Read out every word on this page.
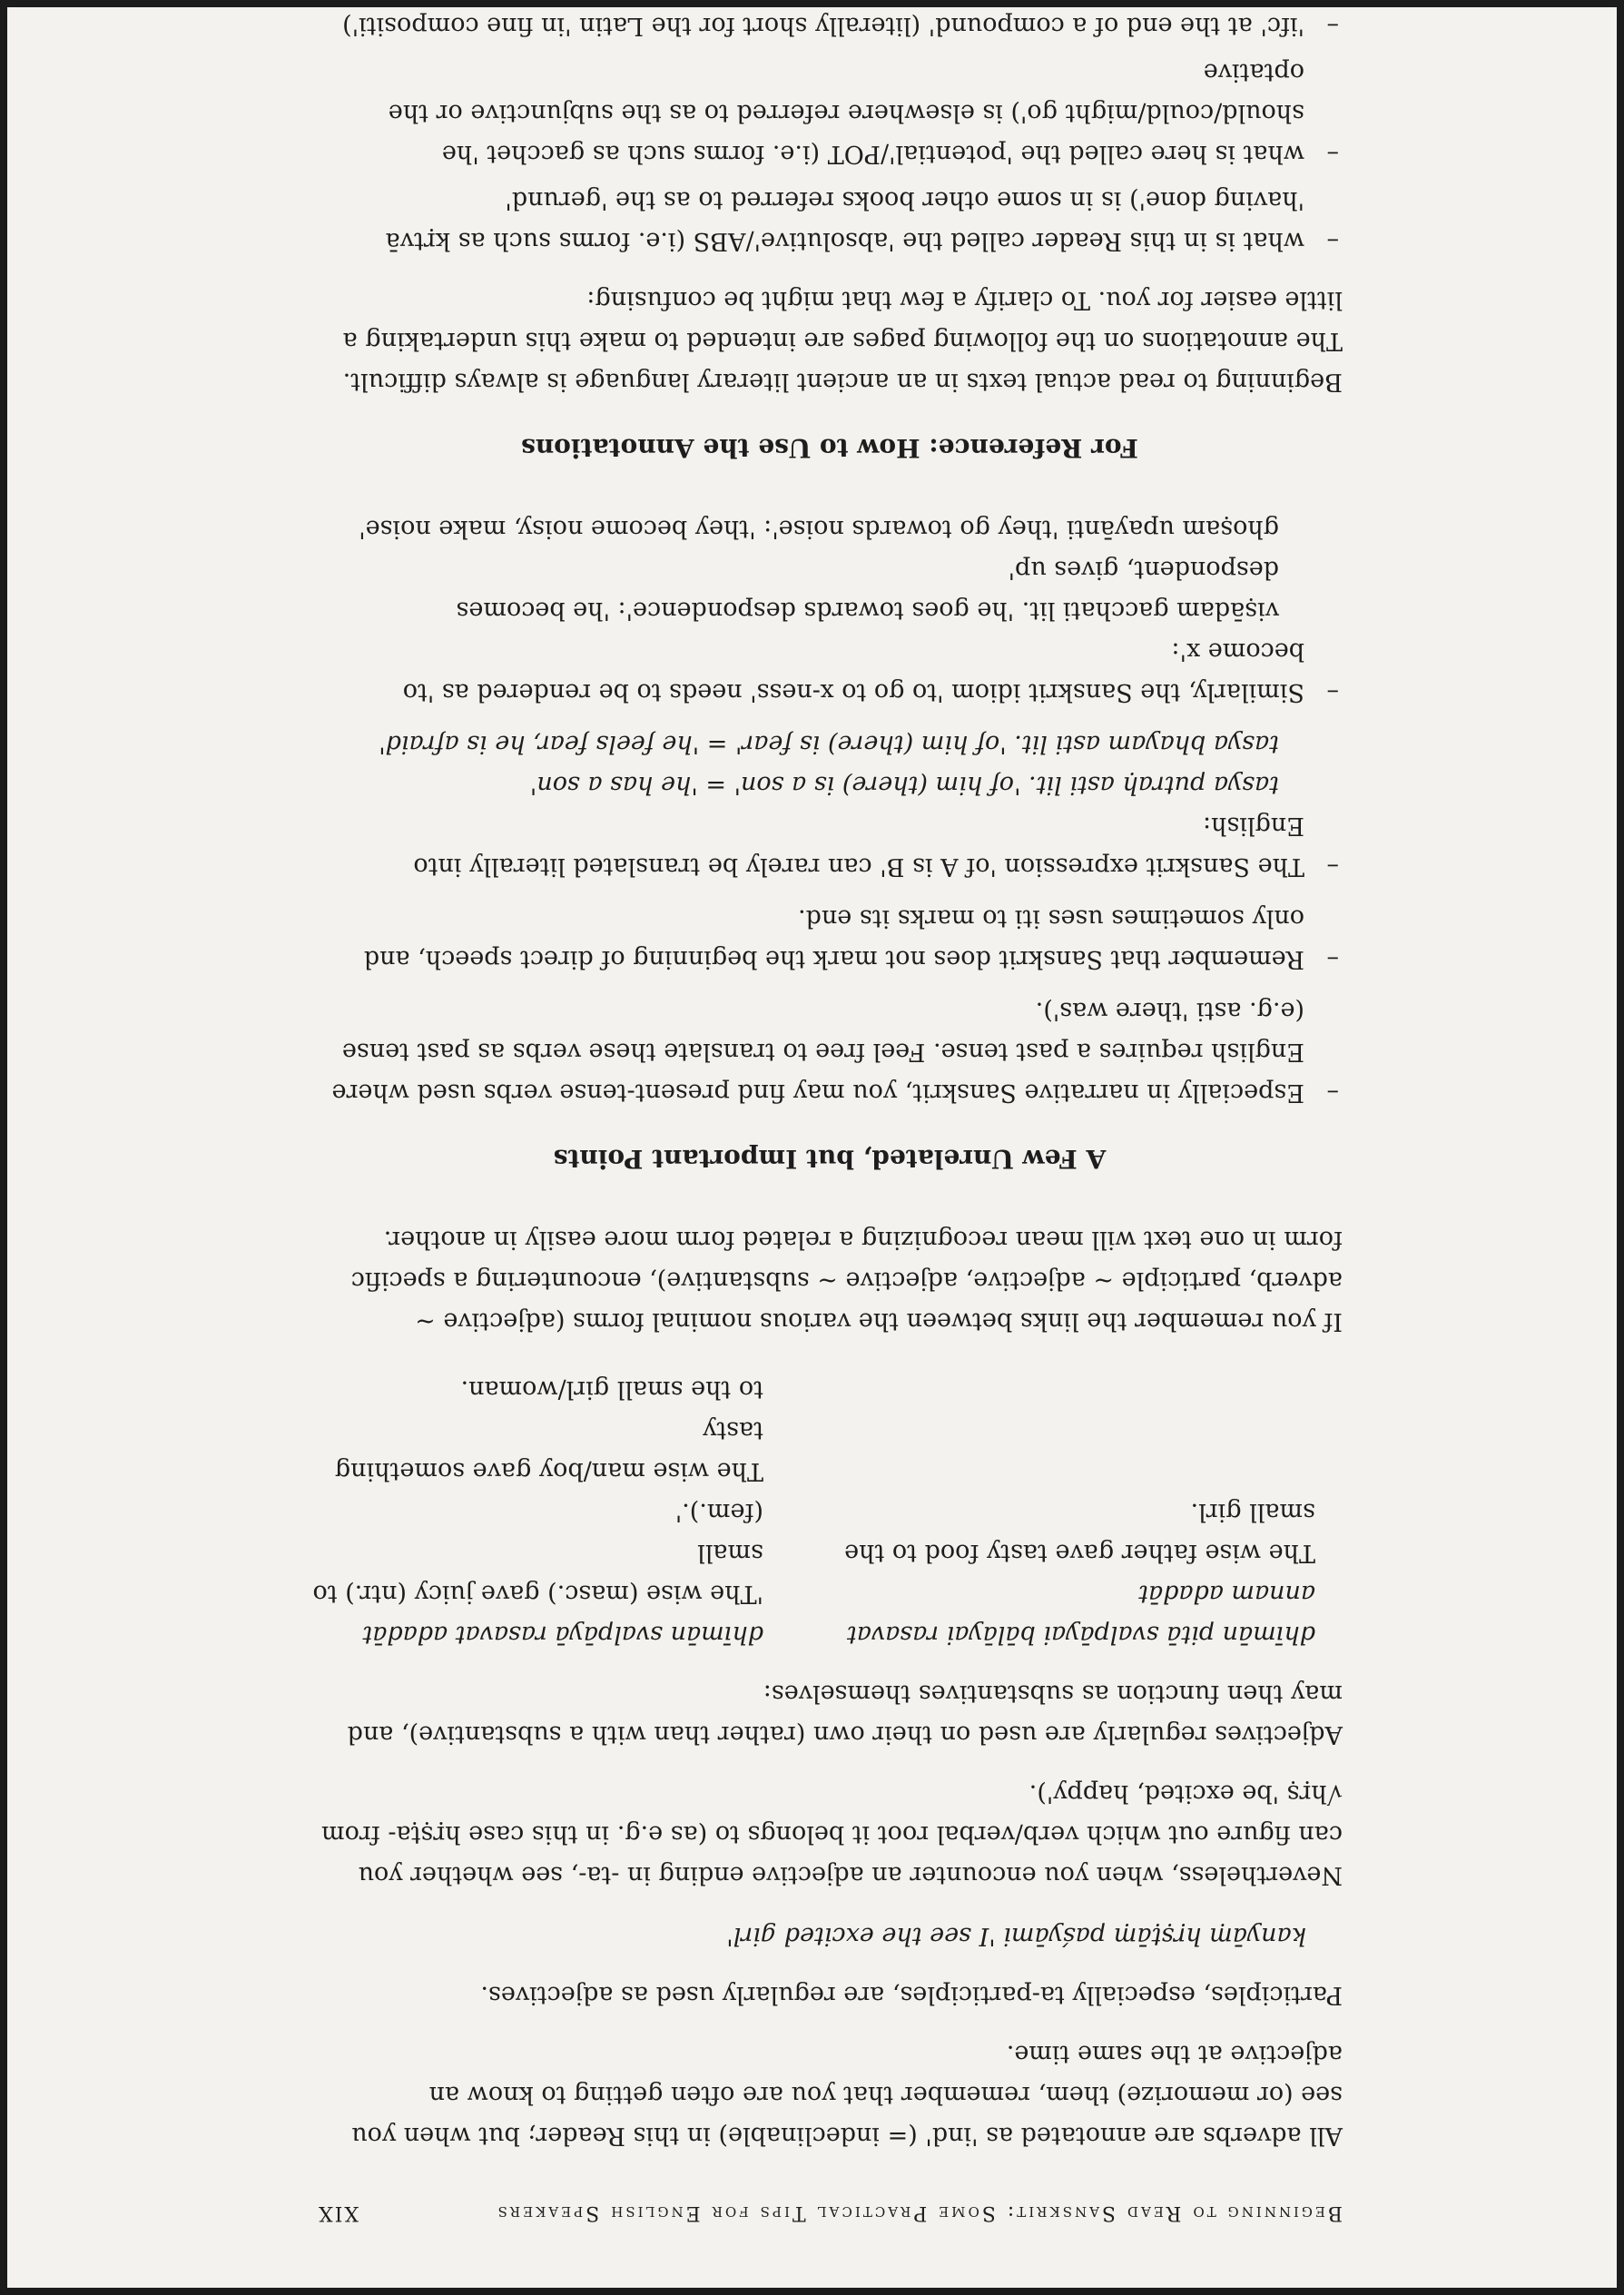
Beginning to Read Sanskrit: Some Practical Tips for English Speakers
XIX

All adverbs are annotated as 'ind' (= indeclinable) in this Reader; but when you see (or memorize) them, remember that you are often getting to know an adjective at the same time.

Participles, especially ta-participles, are regularly used as adjectives.

kanyāṃ hṛṣṭāṃ paśyāmi 'I see the excited girl'

Nevertheless, when you encounter an adjective ending in -ta-, see whether you can figure out which verb/verbal root it belongs to (as e.g. in this case hṛṣṭa- from √hṛṣ 'be excited, happy').

Adjectives regularly are used on their own (rather than with a substantive), and may then function as substantives themselves:

dhīmān pitā svalpāyai bālāyai rasavat
annam adadāt
The wise father gave tasty food to the
small girl.
dhīmān svalpāyā rasavat adadāt
'The wise (masc.) gave juicy (ntr.) to small
(fem.).'
The wise man/boy gave something tasty
to the small girl/woman.

If you remember the links between the various nominal forms (adjective ~ adverb, participle ~ adjective, adjective ~ substantive), encountering a specific form in one text will mean recognizing a related form more easily in another.

A Few Unrelated, but Important Points
– Especially in narrative Sanskrit, you may find present-tense verbs used where English requires a past tense. Feel free to translate these verbs as past tense (e.g. asti 'there was').
– Remember that Sanskrit does not mark the beginning of direct speech, and only sometimes uses iti to marks its end.
– The Sanskrit expression 'of A is B' can rarely be translated literally into English:
tasya putraḥ asti lit. 'of him (there) is a son' = 'he has a son'
tasya bhayam asti lit. 'of him (there) is fear' = 'he feels fear, he is afraid'
– Similarly, the Sanskrit idiom 'to go to x-ness' needs to be rendered as 'to become x':
viṣādam gacchati lit. 'he goes towards despondence': 'he becomes despondent, gives up'
ghoṣam upayānti 'they go towards noise': 'they become noisy, make noise'
For Reference: How to Use the Annotations

Beginning to read actual texts in an ancient literary language is always difficult. The annotations on the following pages are intended to make this undertaking a little easier for you. To clarify a few that might be confusing:

– what is in this Reader called the 'absolutive'/ABS (i.e. forms such as kṛtvā 'having done') is in some other books referred to as the 'gerund'
– what is here called the 'potential'/POT (i.e. forms such as gacchet 'he should/could/might go') is elsewhere referred to as the subjunctive or the optative
– 'ifc' at the end of a compound' (literally short for the Latin 'in fine compositi')
